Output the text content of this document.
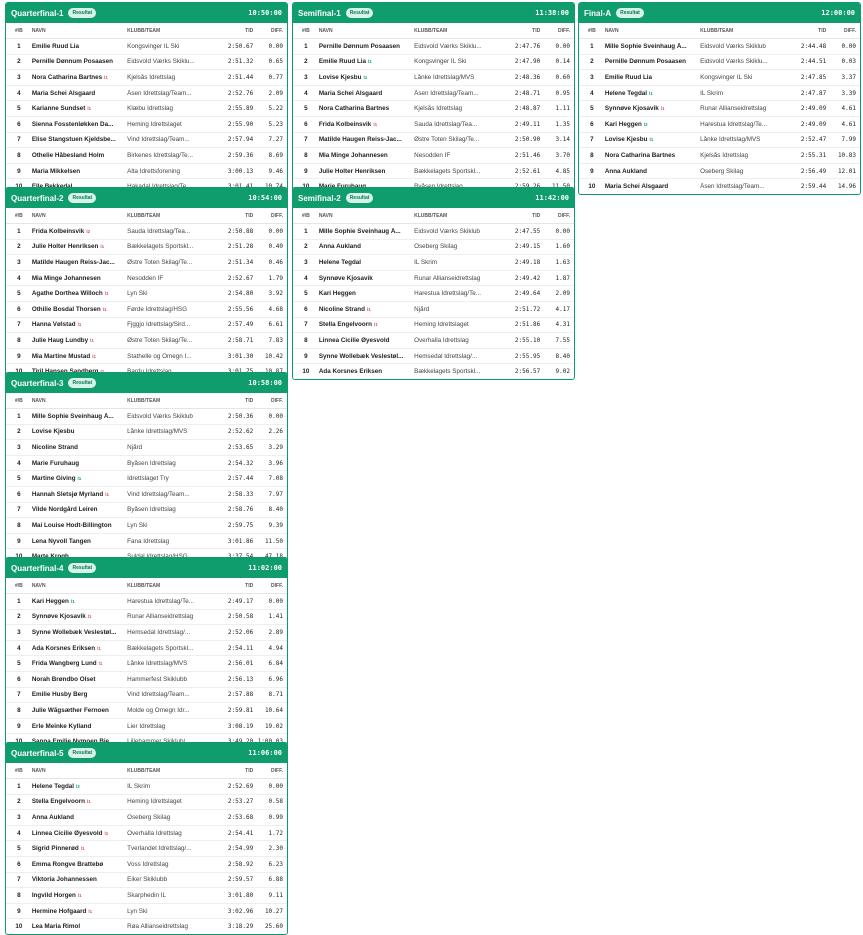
Quarterfinal-1	Resultat	10:50:00
#/B	NAVN	KLUBB/TEAM	TID	DIFF.
1	Emilie Ruud Lia	Kongsvinger IL Ski	2:50.67	0.00
2	Pernille Dønnum Posaasen	Eidsvold Værks Skiklu...	2:51.32	0.65
3	Nora Catharina Bartnes l1	Kjelsås Idrettslag	2:51.44	0.77
4	Maria Schei Alsgaard	Åsen Idrettslag/Team...	2:52.76	2.09
5	Karianne Sundset l1	Klæbu Idrettslag	2:55.89	5.22
6	Sienna Fosstenløkken Da...	Heming Idrettslaget	2:55.90	5.23
7	Elise Stangstuen Kjeldsbe...	Vind Idrettslag/Team...	2:57.94	7.27
8	Othelie Håbesland Holm	Birkenes Idrettslag/Te...	2:59.36	8.69
9	Maria Mikkelsen	Alta Idrettsforening	3:00.13	9.46
Quarterfinal-2	Resultat	10:54:00
#/B	NAVN	KLUBB/TEAM	TID	DIFF.
1	Frida Kolbeinsvik l2	Sauda Idrettslag/Tea...	2:50.88	0.00
2	Julie Holter Henriksen l1	Bækkelagets Sportskl...	2:51.28	0.40
3	Matilde Haugen Reiss-Jac...	Østre Toten Skilag/Te...	2:51.34	0.46
4	Mia Minge Johannesen	Nesodden IF	2:52.67	1.79
5	Agathe Dorthea Willoch l1	Lyn Ski	2:54.80	3.92
6	Othilie Bosdal Thorsen l1	Førde Idrettslag/HSG	2:55.56	4.68
7	Hanna Vølstad l1	Fjggjo Idrettslag/Sird...	2:57.49	6.61
8	Julie Haug Lundby l1	Østre Toten Skilag/Te...	2:58.71	7.83
9	Mia Martine Mustad l1	Stathelle og Omegn I...	3:01.30	10.42
Quarterfinal-3	Resultat	10:58:00
#/B	NAVN	KLUBB/TEAM	TID	DIFF.
1	Mille Sophie Sveinhaug Å...	Eidsvold Værks Skiklub	2:50.36	0.00
2	Lovise Kjesbu	Lånke Idrettslag/MVS	2:52.62	2.26
3	Nicoline Strand	Njård	2:53.65	3.29
4	Marie Furuhaug	Byåsen Idrettslag	2:54.32	3.96
5	Martine Giving l1	Idrettslaget Try	2:57.44	7.08
6	Hannah Sletsjø Myrland l1	Vind Idrettslag/Team...	2:58.33	7.97
7	Vilde Nordgård Leiren	Byåsen Idrettslag	2:58.76	8.40
8	Mai Louise Hodt-Billington	Lyn Ski	2:59.75	9.39
9	Lena Nyvoll Tangen	Fana Idrettslag	3:01.86	11.50
Quarterfinal-4	Resultat	11:02:00
#/B	NAVN	KLUBB/TEAM	TID	DIFF.
1	Kari Heggen l1	Harestua Idrettslag/Te...	2:49.17	0.00
2	Synnøve Kjosavik l1	Runar Allianseidrettslag	2:50.58	1.41
3	Synne Wollebæk Veslestøl...	Hemsedal Idrettslag/...	2:52.06	2.89
4	Ada Korsnes Eriksen l1	Bækkelagets Sportskl...	2:54.11	4.94
5	Frida Wangberg Lund l1	Lånke Idrettslag/MVS	2:56.01	6.84
6	Norah Brøndbo Olset	Hammerfest Skiklubb	2:56.13	6.96
7	Emilie Husby Berg	Vind Idrettslag/Team...	2:57.88	8.71
8	Julie Wågsæther Fernoen	Molde og Omegn Idr...	2:59.81	10.64
9	Erle Meinke Kylland	Lier Idrettslag	3:08.19	19.02
Quarterfinal-5	Resultat	11:06:00
#/B	NAVN	KLUBB/TEAM	TID	DIFF.
1	Helene Tegdal l2	IL Skrim	2:52.69	0.00
2	Stella Engelvoorn l1	Heming Idrettslaget	2:53.27	0.58
3	Anna Aukland	Oseberg Skilag	2:53.68	0.99
4	Linnea Cicilie Øyesvold l1	Overhalla Idrettslag	2:54.41	1.72
5	Sigrid Pinnerød l1	Tverlandet Idrettslag/...	2:54.99	2.30
6	Emma Rongve Brattebø	Voss Idrettslag	2:58.92	6.23
7	Viktoria Johannessen	Eiker Skiklubb	2:59.57	6.88
8	Ingvild Horgen l1	Skarphedin IL	3:01.80	9.11
9	Hermine Hofgaard l1	Lyn Ski	3:02.96	10.27
10	Lea Maria Rimol	Røa Allianseidrettslag	3:18.29	25.60
Semifinal-1	Resultat	11:38:00
#/B	NAVN	KLUBB/TEAM	TID	DIFF.
1	Pernille Dønnum Posaasen	Eidsvold Værks Skiklu...	2:47.76	0.00
2	Emilie Ruud Lia l1	Kongsvinger IL Ski	2:47.90	0.14
3	Lovise Kjesbu l1	Lånke Idrettslag/MVS	2:48.36	0.60
4	Maria Schei Alsgaard	Åsen Idrettslag/Team...	2:48.71	0.95
5	Nora Catharina Bartnes	Kjelsås Idrettslag	2:48.87	1.11
6	Frida Kolbeinsvik l1	Sauda Idrettslag/Tea...	2:49.11	1.35
7	Matilde Haugen Reiss-Jac...	Østre Toten Skilag/Te...	2:50.90	3.14
8	Mia Minge Johannesen	Nesodden IF	2:51.46	3.70
9	Julie Holter Henriksen	Bækkelagets Sportskl...	2:52.61	4.85
Semifinal-2	Resultat	11:42:00
#/B	NAVN	KLUBB/TEAM	TID	DIFF.
1	Mille Sophie Sveinhaug Å...	Eidsvold Værks Skiklub	2:47.55	0.00
2	Anna Aukland	Oseberg Skilag	2:49.15	1.60
3	Helene Tegdal	IL Skrim	2:49.18	1.63
4	Synnøve Kjosavik	Runar Allianseidrettslag	2:49.42	1.87
5	Kari Heggen	Harestua Idrettslag/Te...	2:49.64	2.09
6	Nicoline Strand l1	Njård	2:51.72	4.17
7	Stella Engelvoorn l1	Heming Idrettslaget	2:51.86	4.31
8	Linnea Cicilie Øyesvold	Overhalla Idrettslag	2:55.10	7.55
9	Synne Wollebæk Veslestøl...	Hemsedal Idrettslag/...	2:55.95	8.40
10	Ada Korsnes Eriksen	Bækkelagets Sportskl...	2:56.57	9.02
Final-A	Resultat	12:00:00
#/B	NAVN	KLUBB/TEAM	TID	DIFF.
1	Mille Sophie Sveinhaug Å...	Eidsvold Værks Skiklub	2:44.48	0.00
2	Pernille Dønnum Posaasen	Eidsvold Værks Skiklu...	2:44.51	0.03
3	Emilie Ruud Lia	Kongsvinger IL Ski	2:47.85	3.37
4	Helene Tegdal l1	IL Skrim	2:47.87	3.39
5	Synnøve Kjosavik l1	Runar Allianseidrettslag	2:49.09	4.61
6	Kari Heggen l2	Harestua Idrettslag/Te...	2:49.09	4.61
7	Lovise Kjesbu l1	Lånke Idrettslag/MVS	2:52.47	7.99
8	Nora Catharina Bartnes	Kjelsås Idrettslag	2:55.31	10.83
9	Anna Aukland	Oseberg Skilag	2:56.49	12.01
10	Maria Schei Alsgaard	Åsen Idrettslag/Team...	2:59.44	14.96
